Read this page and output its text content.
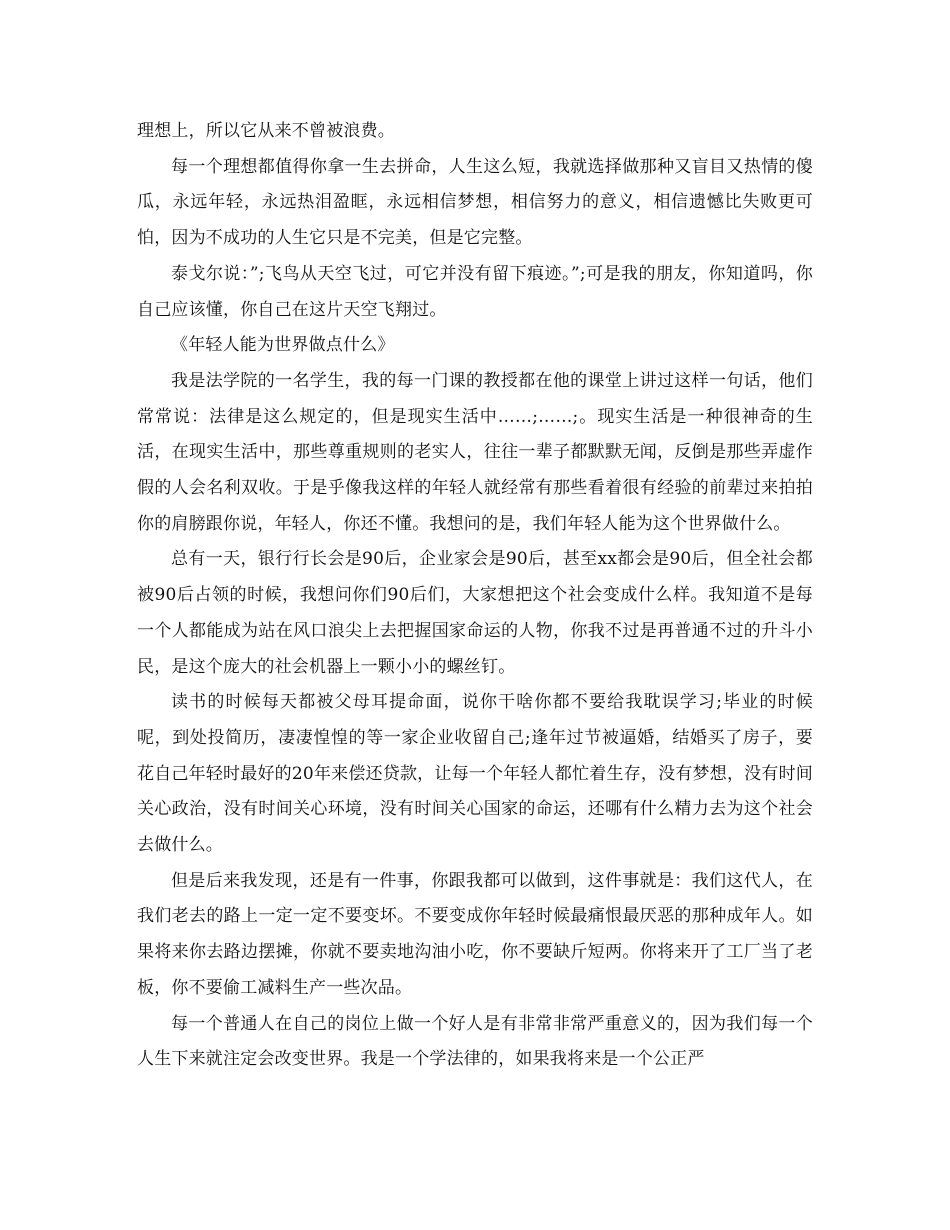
理想上，所以它从来不曾被浪费。

每一个理想都值得你拿一生去拼命，人生这么短，我就选择做那种又盲目又热情的傻瓜，永远年轻，永远热泪盈眶，永远相信梦想，相信努力的意义，相信遗憾比失败更可怕，因为不成功的人生它只是不完美，但是它完整。

泰戈尔说：”;飞鸟从天空飞过，可它并没有留下痕迹。”;可是我的朋友，你知道吗，你自己应该懂，你自己在这片天空飞翔过。

《年轻人能为世界做点什么》

我是法学院的一名学生，我的每一门课的教授都在他的课堂上讲过这样一句话，他们常常说：法律是这么规定的，但是现实生活中……;……;。现实生活是一种很神奇的生活，在现实生活中，那些尊重规则的老实人，往往一辈子都默默无闻，反倒是那些弄虚作假的人会名利双收。于是乎像我这样的年轻人就经常有那些看着很有经验的前辈过来拍拍你的肩膀跟你说，年轻人，你还不懂。我想问的是，我们年轻人能为这个世界做什么。

总有一天，银行行长会是90后，企业家会是90后，甚至xx都会是90后，但全社会都被90后占领的时候，我想问你们90后们，大家想把这个社会变成什么样。我知道不是每一个人都能成为站在风口浪尖上去把握国家命运的人物，你我不过是再普通不过的升斗小民，是这个庞大的社会机器上一颗小小的螺丝钉。

读书的时候每天都被父母耳提命面，说你干啥你都不要给我耽误学习;毕业的时候呢，到处投简历，凄凄惶惶的等一家企业收留自己;逢年过节被逼婚，结婚买了房子，要花自己年轻时最好的20年来偿还贷款，让每一个年轻人都忙着生存，没有梦想，没有时间关心政治，没有时间关心环境，没有时间关心国家的命运，还哪有什么精力去为这个社会去做什么。

但是后来我发现，还是有一件事，你跟我都可以做到，这件事就是：我们这代人，在我们老去的路上一定一定不要变坏。不要变成你年轻时候最痛恨最厌恶的那种成年人。如果将来你去路边摆摊，你就不要卖地沟油小吃，你不要缺斤短两。你将来开了工厂当了老板，你不要偷工减料生产一些次品。

每一个普通人在自己的岗位上做一个好人是有非常非常严重意义的，因为我们每一个人生下来就注定会改变世界。我是一个学法律的，如果我将来是一个公正严
